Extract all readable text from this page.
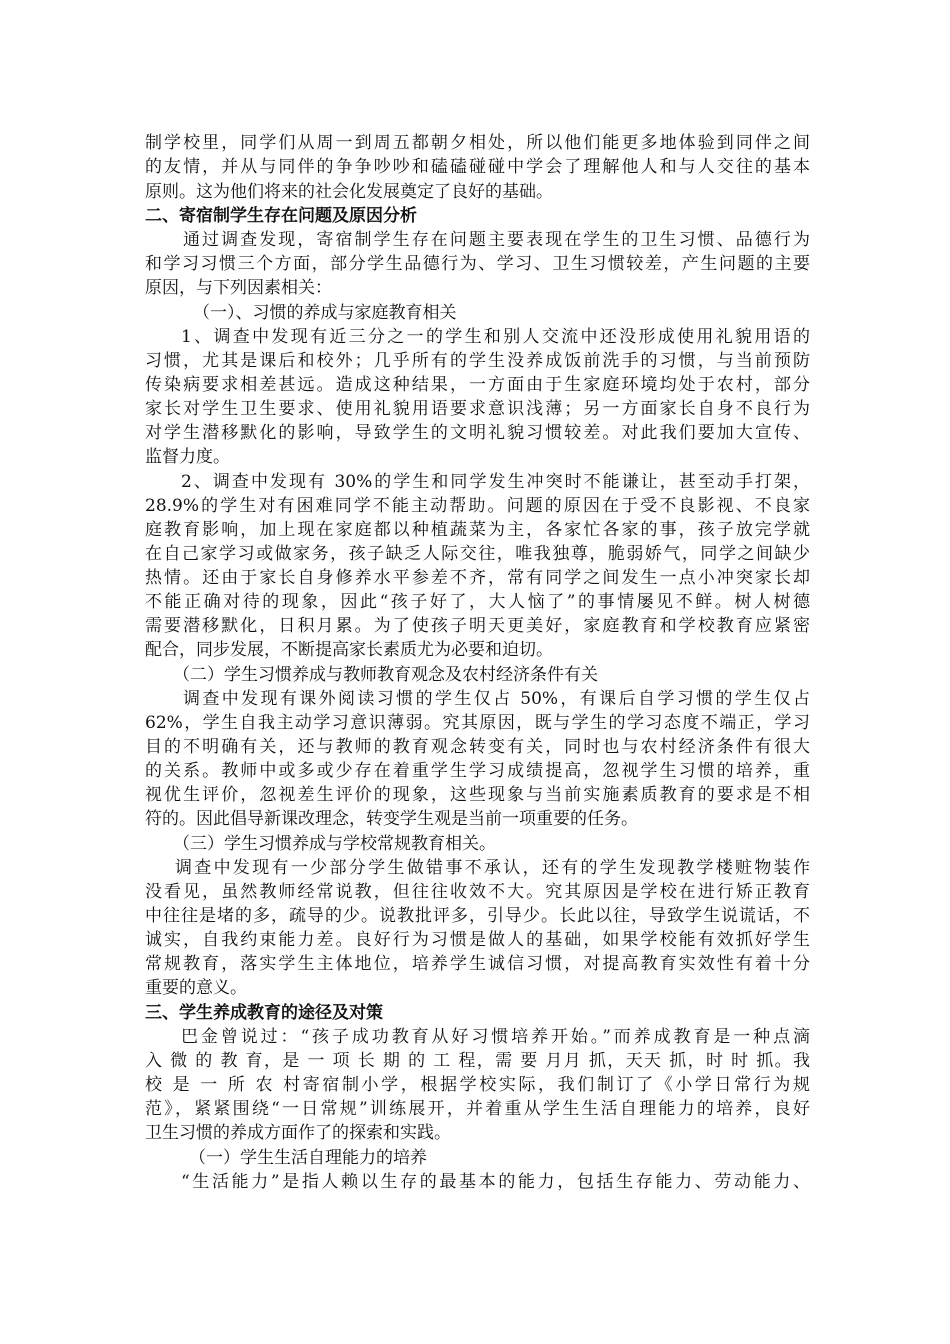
制学校里，同学们从周一到周五都朝夕相处，所以他们能更多地体验到同伴之间
的友情，并从与同伴的争争吵吵和磕磕碰碰中学会了理解他人和与人交往的基本
原则。这为他们将来的社会化发展奠定了良好的基础。
二、寄宿制学生存在问题及原因分析
通过调查发现，寄宿制学生存在问题主要表现在学生的卫生习惯、品德行为
和学习习惯三个方面，部分学生品德行为、学习、卫生习惯较差，产生问题的主要
原因，与下列因素相关：
（一）、习惯的养成与家庭教育相关
1、调查中发现有近三分之一的学生和别人交流中还没形成使用礼貌用语的
习惯，尤其是课后和校外；几乎所有的学生没养成饭前洗手的习惯，与当前预防
传染病要求相差甚远。造成这种结果，一方面由于生家庭环境均处于农村，部分
家长对学生卫生要求、使用礼貌用语要求意识浅薄；另一方面家长自身不良行为
对学生潜移默化的影响，导致学生的文明礼貌习惯较差。对此我们要加大宣传、
监督力度。
2、调查中发现有 30%的学生和同学发生冲突时不能谦让，甚至动手打架，
28.9%的学生对有困难同学不能主动帮助。问题的原因在于受不良影视、不良家
庭教育影响，加上现在家庭都以种植蔬菜为主，各家忙各家的事，孩子放完学就
在自己家学习或做家务，孩子缺乏人际交往，唯我独尊，脆弱娇气，同学之间缺少
热情。还由于家长自身修养水平参差不齐，常有同学之间发生一点小冲突家长却
不能正确对待的现象，因此“孩子好了，大人恼了”的事情屡见不鲜。树人树德
需要潜移默化，日积月累。为了使孩子明天更美好，家庭教育和学校教育应紧密
配合，同步发展，不断提高家长素质尤为必要和迫切。
（二）学生习惯养成与教师教育观念及农村经济条件有关
调查中发现有课外阅读习惯的学生仅占 50%，有课后自学习惯的学生仅占
62%，学生自我主动学习意识薄弱。究其原因，既与学生的学习态度不端正，学习
目的不明确有关，还与教师的教育观念转变有关，同时也与农村经济条件有很大
的关系。教师中或多或少存在着重学生学习成绩提高，忽视学生习惯的培养，重
视优生评价，忽视差生评价的现象，这些现象与当前实施素质教育的要求是不相
符的。因此倡导新课改理念，转变学生观是当前一项重要的任务。
（三）学生习惯养成与学校常规教育相关。
调查中发现有一少部分学生做错事不承认，还有的学生发现教学楼赃物装作
没看见，虽然教师经常说教，但往往收效不大。究其原因是学校在进行矫正教育
中往往是堵的多，疏导的少。说教批评多，引导少。长此以往，导致学生说谎话，不
诚实，自我约束能力差。良好行为习惯是做人的基础，如果学校能有效抓好学生
常规教育，落实学生主体地位，培养学生诚信习惯，对提高教育实效性有着十分
重要的意义。
三、学生养成教育的途径及对策
巴金曾说过：“孩子成功教育从好习惯培养开始。”而养成教育是一种点滴
入 微 的 教 育，是 一 项 长 期 的 工 程，需 要 月月 抓，天天 抓，时 时 抓。我
校 是 一 所 农 村寄宿制小学，根据学校实际，我们制订了《小学日常行为规
范》，紧紧围绕“一日常规”训练展开，并着重从学生生活自理能力的培养，良好
卫生习惯的养成方面作了的探索和实践。
（一）学生生活自理能力的培养
“生活能力”是指人赖以生存的最基本的能力，包括生存能力、劳动能力、
